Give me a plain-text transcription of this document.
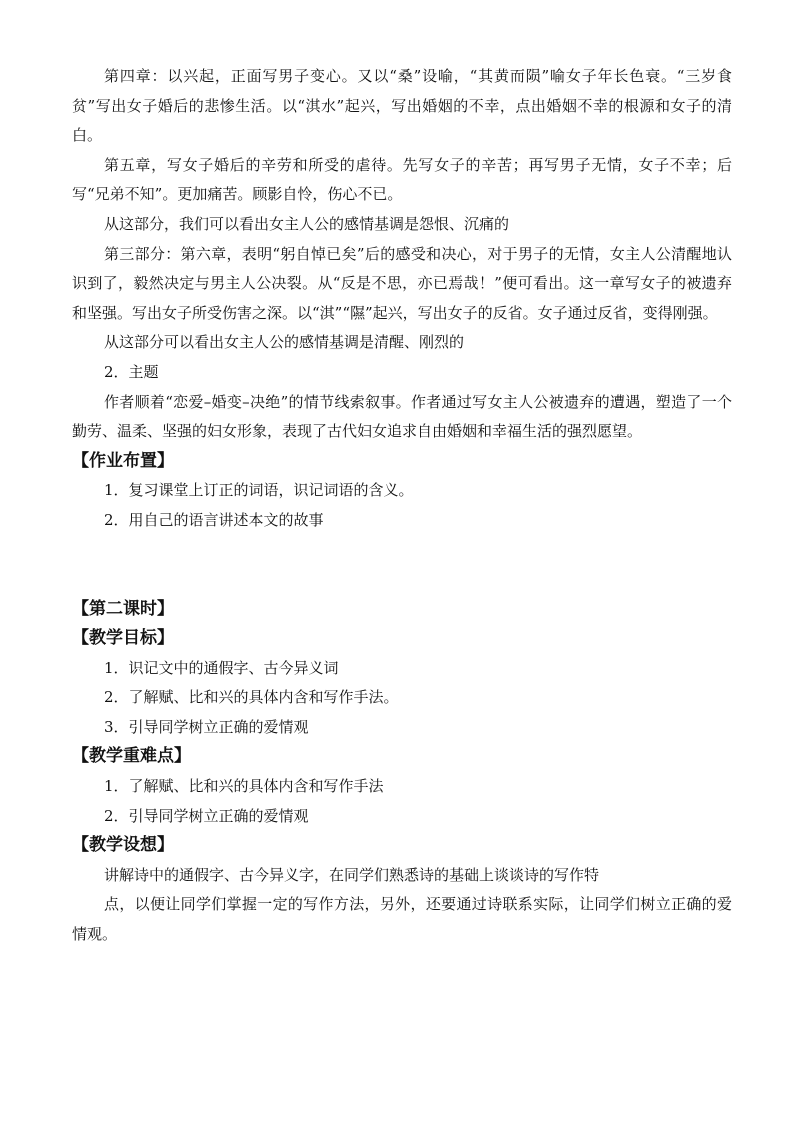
第四章：以兴起，正面写男子变心。又以“桑”设喻，“其黄而陨”喻女子年长色衰。“三岁食贫”写出女子婚后的悲惨生活。以“淇水”起兴，写出婚姻的不幸，点出婚姻不幸的根源和女子的清白。

第五章，写女子婚后的辛劳和所受的虐待。先写女子的辛苦；再写男子无情，女子不幸；后写“兄弟不知”。更加痛苦。顾影自怜，伤心不已。

从这部分，我们可以看出女主人公的感情基调是怨恨、沉痛的

第三部分：第六章，表明“躬自悼已矣”后的感受和决心，对于男子的无情，女主人公清醒地认识到了，毅然决定与男主人公决裂。从“反是不思，亦已焉哉！”便可看出。这一章写女子的被遗弃和坚强。写出女子所受伤害之深。以“淇”“隰”起兴，写出女子的反省。女子通过反省，变得刚强。

从这部分可以看出女主人公的感情基调是清醒、刚烈的

2．主题

作者顺着“恋爱–婚变–决绝”的情节线索叙事。作者通过写女主人公被遗弃的遭遇，塑造了一个勤劳、温柔、坚强的妇女形象，表现了古代妇女追求自由婚姻和幸福生活的强烈愿望。

【作业布置】

1．复习课堂上订正的词语，识记词语的含义。

2．用自己的语言讲述本文的故事

【第二课时】

【教学目标】

1．识记文中的通假字、古今异义词

2．了解赋、比和兴的具体内含和写作手法。

3．引导同学树立正确的爱情观

【教学重难点】

1．了解赋、比和兴的具体内含和写作手法

2．引导同学树立正确的爱情观

【教学设想】

讲解诗中的通假字、古今异义字，在同学们熟悉诗的基础上谈谈诗的写作特

点，以便让同学们掌握一定的写作方法，另外，还要通过诗联系实际，让同学们树立正确的爱情观。
